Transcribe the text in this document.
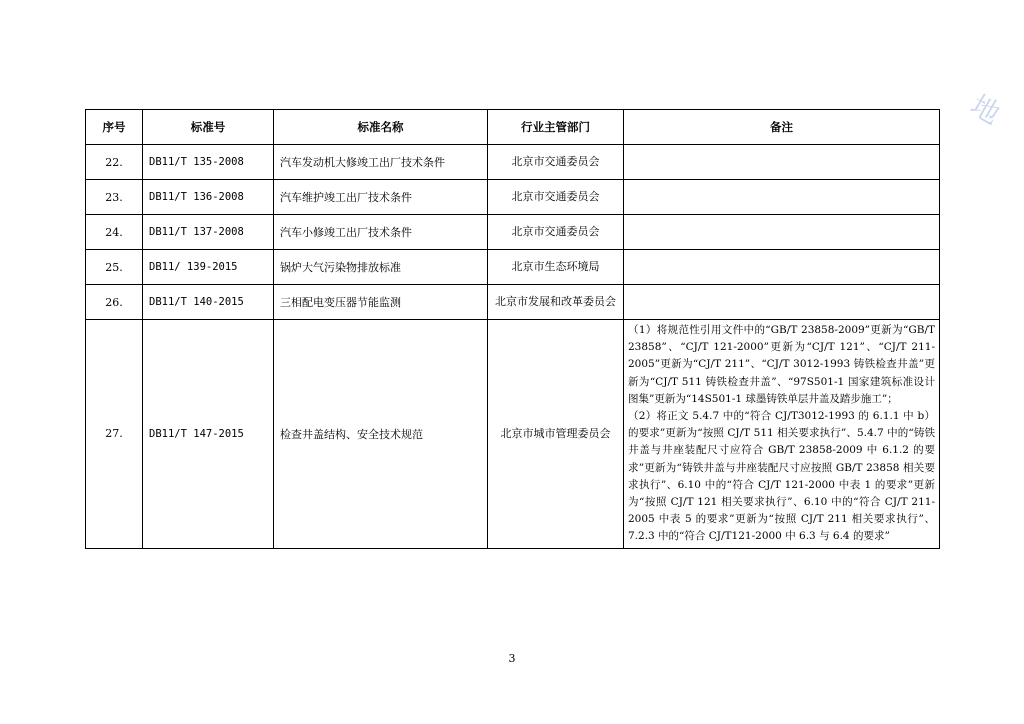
地
序号	标准号	标准名称	行业主管部门	备注
22.	DB11/T 135-2008	汽车发动机大修竣工出厂技术条件	北京市交通委员会	
23.	DB11/T 136-2008	汽车维护竣工出厂技术条件	北京市交通委员会	
24.	DB11/T 137-2008	汽车小修竣工出厂技术条件	北京市交通委员会	
25.	DB11/ 139-2015	锅炉大气污染物排放标准	北京市生态环境局	
26.	DB11/T 140-2015	三相配电变压器节能监测	北京市发展和改革委员会	
27.	DB11/T 147-2015	检查井盖结构、安全技术规范	北京市城市管理委员会	（1）将规范性引用文件中的“GB/T 23858-2009”更新为“GB/T 23858”、“CJ/T 121-2000”更新为“CJ/T 121”、“CJ/T 211-2005”更新为“CJ/T 211”、“CJ/T 3012-1993 铸铁检查井盖”更新为“CJ/T 511 铸铁检查井盖”、“97S501-1 国家建筑标准设计图集”更新为“14S501-1 球墨铸铁单层井盖及踏步施工”；

（2）将正文 5.4.7 中的“符合 CJ/T3012-1993 的 6.1.1 中 b）的要求”更新为“按照 CJ/T 511 相关要求执行”、5.4.7 中的“铸铁井盖与井座装配尺寸应符合 GB/T 23858-2009 中 6.1.2 的要求”更新为“铸铁井盖与井座装配尺寸应按照 GB/T 23858 相关要求执行”、6.10 中的“符合 CJ/T 121-2000 中表 1 的要求”更新为“按照 CJ/T 121 相关要求执行”、6.10 中的“符合 CJ/T 211-2005 中表 5 的要求”更新为“按照 CJ/T 211 相关要求执行”、7.2.3 中的“符合 CJ/T121-2000 中 6.3 与 6.4 的要求”

3
